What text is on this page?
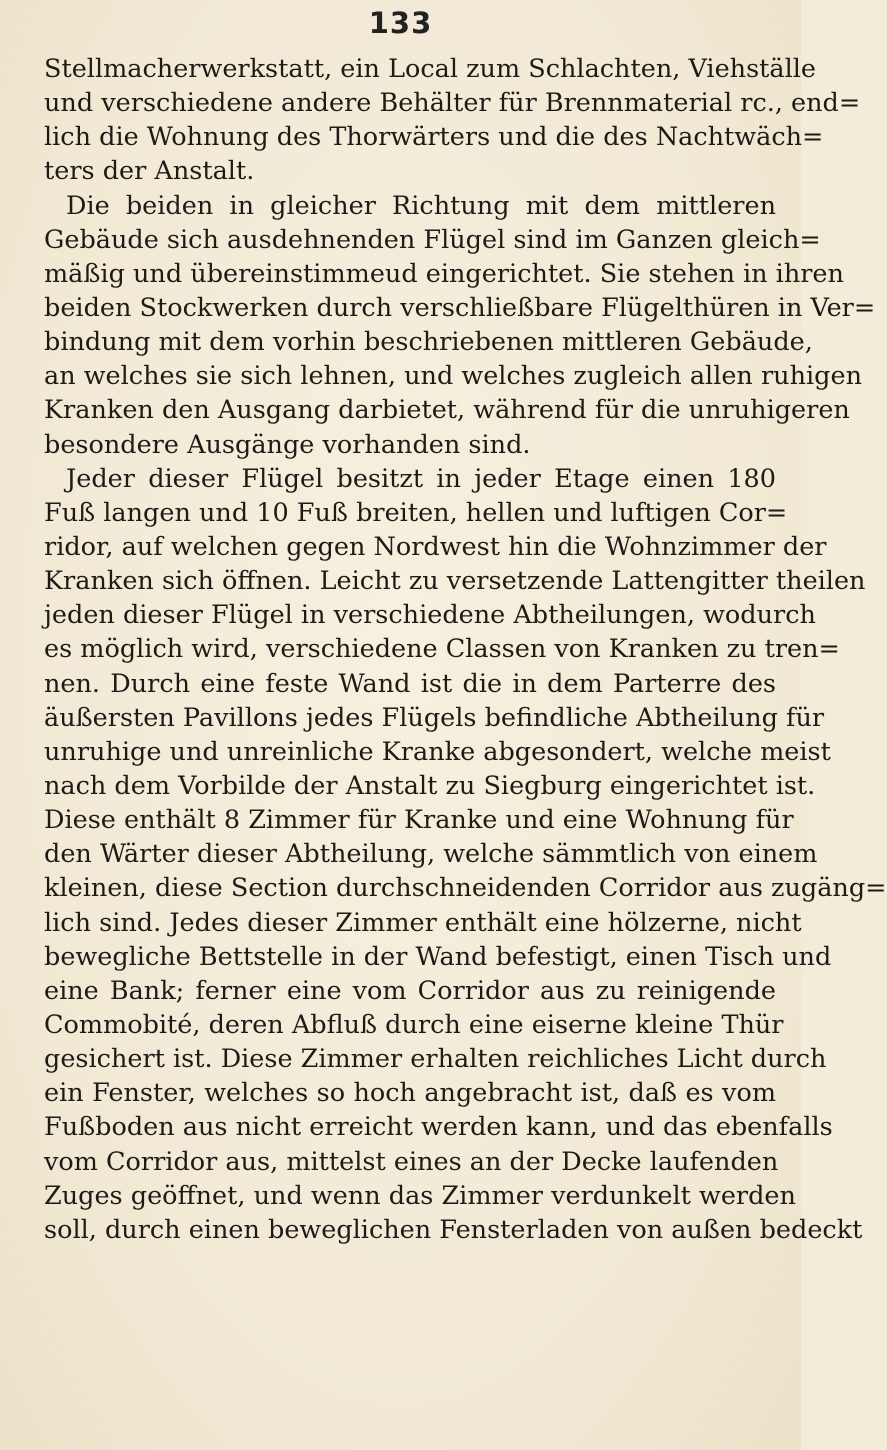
133
Stellmacherwerkstatt, ein Local zum Schlachten, Viehställe
und verschiedene andere Behälter für Brennmaterial rc., end=
lich die Wohnung des Thorwärters und die des Nachtwäch=
ters der Anstalt.
Die beiden in gleicher Richtung mit dem mittleren
Gebäude sich ausdehnenden Flügel sind im Ganzen gleich=
mäßig und übereinstimmeud eingerichtet. Sie stehen in ihren
beiden Stockwerken durch verschließbare Flügelthüren in Ver=
bindung mit dem vorhin beschriebenen mittleren Gebäude,
an welches sie sich lehnen, und welches zugleich allen ruhigen
Kranken den Ausgang darbietet, während für die unruhigeren
besondere Ausgänge vorhanden sind.
Jeder dieser Flügel besitzt in jeder Etage einen 180
Fuß langen und 10 Fuß breiten, hellen und luftigen Cor=
ridor, auf welchen gegen Nordwest hin die Wohnzimmer der
Kranken sich öffnen. Leicht zu versetzende Lattengitter theilen
jeden dieser Flügel in verschiedene Abtheilungen, wodurch
es möglich wird, verschiedene Classen von Kranken zu tren=
nen. Durch eine feste Wand ist die in dem Parterre des
äußersten Pavillons jedes Flügels befindliche Abtheilung für
unruhige und unreinliche Kranke abgesondert, welche meist
nach dem Vorbilde der Anstalt zu Siegburg eingerichtet ist.
Diese enthält 8 Zimmer für Kranke und eine Wohnung für
den Wärter dieser Abtheilung, welche sämmtlich von einem
kleinen, diese Section durchschneidenden Corridor aus zugäng=
lich sind. Jedes dieser Zimmer enthält eine hölzerne, nicht
bewegliche Bettstelle in der Wand befestigt, einen Tisch und
eine Bank; ferner eine vom Corridor aus zu reinigende
Commobité, deren Abfluß durch eine eiserne kleine Thür
gesichert ist. Diese Zimmer erhalten reichliches Licht durch
ein Fenster, welches so hoch angebracht ist, daß es vom
Fußboden aus nicht erreicht werden kann, und das ebenfalls
vom Corridor aus, mittelst eines an der Decke laufenden
Zuges geöffnet, und wenn das Zimmer verdunkelt werden
soll, durch einen beweglichen Fensterladen von außen bedeckt
